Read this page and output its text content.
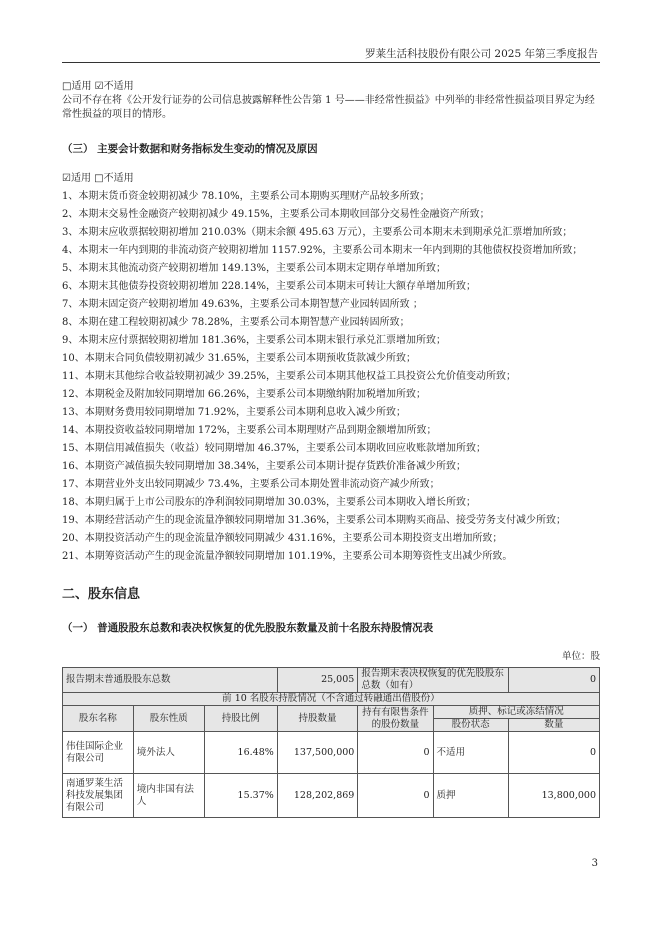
罗莱生活科技股份有限公司 2025 年第三季度报告

□适用 ☑不适用

公司不存在将《公开发行证券的公司信息披露解释性公告第 1 号——非经常性损益》中列举的非经常性损益项目界定为经常性损益的项目的情形。

（三） 主要会计数据和财务指标发生变动的情况及原因

☑适用 □不适用

1、本期末货币资金较期初减少 78.10%，主要系公司本期购买理财产品较多所致；

2、本期末交易性金融资产较期初减少 49.15%，主要系公司本期收回部分交易性金融资产所致；

3、本期末应收票据较期初增加 210.03%（期末余额 495.63 万元），主要系公司本期末未到期承兑汇票增加所致；

4、本期末一年内到期的非流动资产较期初增加 1157.92%，主要系公司本期末一年内到期的其他债权投资增加所致；

5、本期末其他流动资产较期初增加 149.13%，主要系公司本期末定期存单增加所致；

6、本期末其他债券投资较期初增加 228.14%，主要系公司本期末可转让大额存单增加所致；

7、本期末固定资产较期初增加 49.63%，主要系公司本期智慧产业园转固所致 ；

8、本期在建工程较期初减少 78.28%，主要系公司本期智慧产业园转固所致；

9、本期末应付票据较期初增加 181.36%，主要系公司本期末银行承兑汇票增加所致；

10、本期末合同负债较期初减少 31.65%，主要系公司本期预收货款减少所致；

11、本期末其他综合收益较期初减少 39.25%，主要系公司本期其他权益工具投资公允价值变动所致；

12、本期税金及附加较同期增加 66.26%，主要系公司本期缴纳附加税增加所致；

13、本期财务费用较同期增加 71.92%，主要系公司本期利息收入减少所致；

14、本期投资收益较同期增加 172%，主要系公司本期理财产品到期金额增加所致；

15、本期信用减值损失（收益）较同期增加 46.37%，主要系公司本期收回应收账款增加所致；

16、本期资产减值损失较同期增加 38.34%，主要系公司本期计提存货跌价准备减少所致；

17、本期营业外支出较同期减少 73.4%，主要系公司本期处置非流动资产减少所致；

18、本期归属于上市公司股东的净利润较同期增加 30.03%，主要系公司本期收入增长所致；

19、本期经营活动产生的现金流量净额较同期增加 31.36%，主要系公司本期购买商品、接受劳务支付减少所致；

20、本期投资活动产生的现金流量净额较同期减少 431.16%，主要系公司本期投资支出增加所致；

21、本期筹资活动产生的现金流量净额较同期增加 101.19%，主要系公司本期筹资性支出减少所致。

二、股东信息

（一） 普通股股东总数和表决权恢复的优先股股东数量及前十名股东持股情况表

单位：股

报告期末普通股股东总数			25,005	报告期末表决权恢复的优先股股东总数（如有）		0
前 10 名股东持股情况（不含通过转融通出借股份）						
股东名称	股东性质	持股比例	持股数量	持有有限售条件的股份数量	质押、标记或冻结情况	
					股份状态	数量
伟佳国际企业有限公司	境外法人	16.48%	137,500,000	0	不适用	0
南通罗莱生活科技发展集团有限公司	境内非国有法人	15.37%	128,202,869	0	质押	13,800,000
3
